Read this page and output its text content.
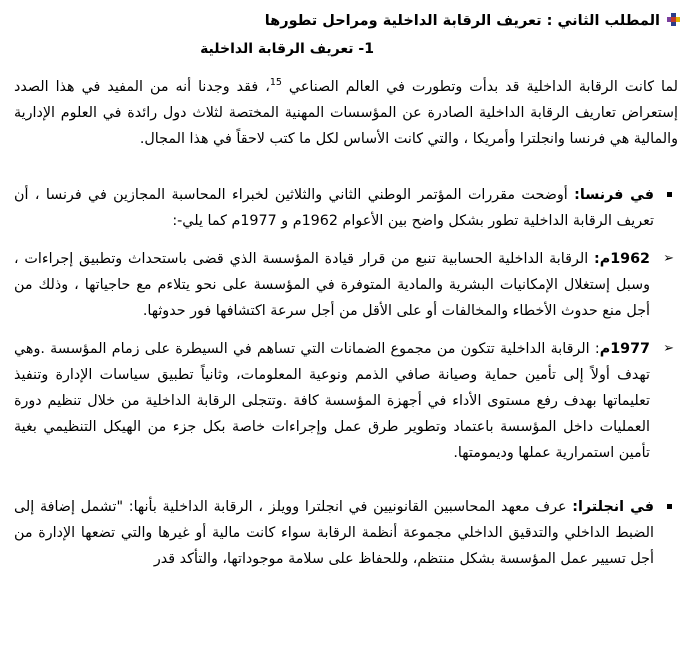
المطلب الثاني : تعريف الرقابة الداخلية ومراحل تطورها
1- تعريف الرقابة الداخلية

لما كانت الرقابة الداخلية قد بدأت وتطورت في العالم الصناعي $^{15}$، فقد وجدنا أنه من المفيد في هذا الصدد إستعراض تعاريف الرقابة الداخلية الصادرة عن المؤسسات المهنية المختصة لثلاث دول رائدة في العلوم الإدارية والمالية هي فرنسا وانجلترا وأمريكا ، والتي كانت الأساس لكل ما كتب لاحقاً في هذا المجال.

في فرنسا: أوضحت مقررات المؤتمر الوطني الثاني والثلاثين لخبراء المحاسبة المجازين في فرنسا ، أن تعريف الرقابة الداخلية تطور بشكل واضح بين الأعوام 1962م و 1977م كما يلي-:

➢ 1962م: الرقابة الداخلية الحسابية تنبع من قرار قيادة المؤسسة الذي قضى باستحداث وتطبيق إجراءات ، وسبل إستغلال الإمكانيات البشرية والمادية المتوفرة في المؤسسة على نحو يتلاءم مع حاجياتها ، وذلك من أجل منع حدوث الأخطاء والمخالفات أو على الأقل من أجل سرعة اكتشافها فور حدوثها.

➢ 1977م: الرقابة الداخلية تتكون من مجموع الضمانات التي تساهم في السيطرة على زمام المؤسسة .وهي تهدف أولاً إلى تأمين حماية وصيانة صافي الذمم ونوعية المعلومات، وثانياً تطبيق سياسات الإدارة وتنفيذ تعليماتها بهدف رفع مستوى الأداء في أجهزة المؤسسة كافة .وتتجلى الرقابة الداخلية من خلال تنظيم دورة العمليات داخل المؤسسة باعتماد وتطوير طرق عمل وإجراءات خاصة بكل جزء من الهيكل التنظيمي بغية تأمين استمرارية عملها وديمومتها.

في انجلترا: عرف معهد المحاسبين القانونيين في انجلترا وويلز ، الرقابة الداخلية بأنها: "تشمل إضافة إلى الضبط الداخلي والتدقيق الداخلي مجموعة أنظمة الرقابة سواء كانت مالية أو غيرها والتي تضعها الإدارة من أجل تسيير عمل المؤسسة بشكل منتظم، وللحفاظ على سلامة موجوداتها، والتأكد قدر
